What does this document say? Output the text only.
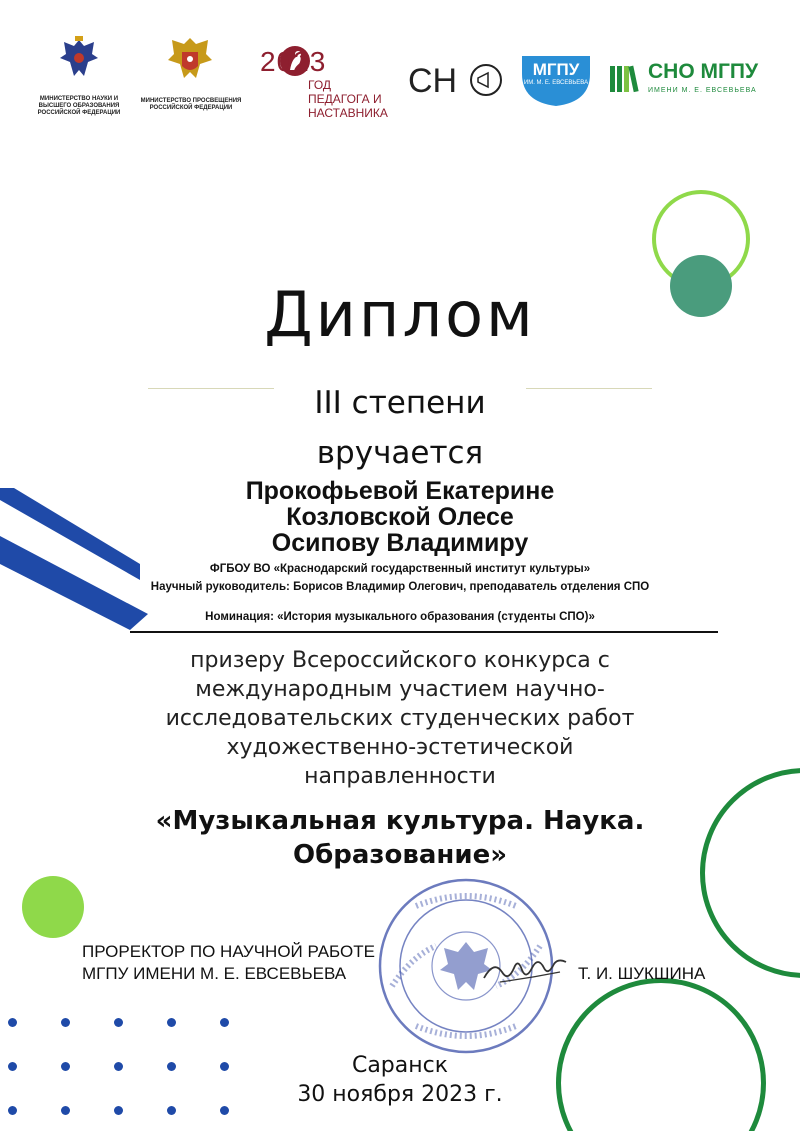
МИНИСТЕРСТВО НАУКИ И ВЫСШЕГО ОБРАЗОВАНИЯ РОССИЙСКОЙ ФЕДЕРАЦИИ
МИНИСТЕРСТВО ПРОСВЕЩЕНИЯ РОССИЙСКОЙ ФЕДЕРАЦИИ
2023
ГОД ПЕДАГОГА И НАСТАВНИКА
СН	МГПУ
ИМ. М. Е. ЕВСЕВЬЕВА	СНО МГПУ
ИМЕНИ М. Е. ЕВСЕВЬЕВА
Диплом
III степени
вручается
Прокофьевой Екатерине
Козловской Олесе
Осипову Владимиру
ФГБОУ ВО «Краснодарский государственный институт культуры»
Научный руководитель: Борисов Владимир Олегович, преподаватель отделения СПО
Номинация: «История музыкального образования (студенты СПО)»
призеру Всероссийского конкурса с
международным участием научно-
исследовательских студенческих работ
художественно-эстетической
направленности
«Музыкальная культура. Наука.
Образование»
ПРОРЕКТОР ПО НАУЧНОЙ РАБОТЕ
МГПУ ИМЕНИ М. Е. ЕВСЕВЬЕВА	Т. И. ШУКШИНА
Саранск
30 ноября 2023 г.
